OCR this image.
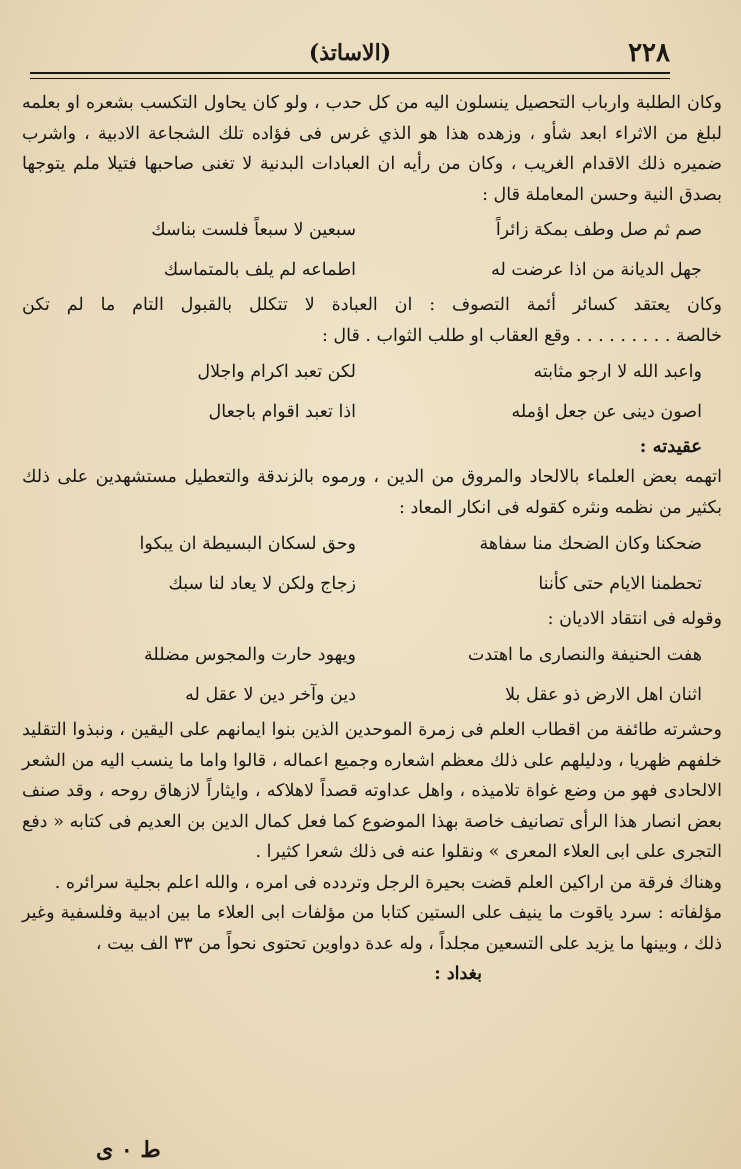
٢٢٨
(الاساتذ)

وكان الطلبة وارباب التحصيل ينسلون اليه من كل حدب ، ولو كان يحاول التكسب بشعره او بعلمه لبلغ من الاثراء ابعد شأو ، وزهده هذا هو الذي غرس فى فؤاده تلك الشجاعة الادبية ، واشرب ضميره ذلك الاقدام الغريب ، وكان من رأيه ان العبادات البدنية لا تغنى صاحبها فتيلا ملم يتوجها بصدق النية وحسن المعاملة قال :

صم ثم صل وطف بمكة زائراً
سبعين لا سبعاً فلست بناسك
جهل الديانة من اذا عرضت له
اطماعه لم يلف بالمتماسك

وكان يعتقد كسائر أئمة التصوف : ان العبادة لا تتكلل بالقبول التام ما لم تكن

خالصة . . . . . . . . . وقع العقاب او طلب الثواب . قال :

واعبد الله لا ارجو مثابته
لكن تعبد اكرام واجلال
اصون دينى عن جعل اؤمله
اذا تعبد اقوام باجعال
عقيدته :

اتهمه بعض العلماء بالالحاد والمروق من الدين ، ورموه بالزندقة والتعطيل مستشهدين على ذلك

بكثير من نظمه ونثره كقوله فى انكار المعاد :

ضحكنا وكان الضحك منا سفاهة
وحق لسكان البسيطة ان يبكوا
تحطمنا الايام حتى كأننا
زجاج ولكن لا يعاد لنا سبك

وقوله فى انتقاد الاديان :

هفت الحنيفة والنصارى ما اهتدت
ويهود حارت والمجوس مضللة
اثنان اهل الارض ذو عقل بلا
دين وآخر دين لا عقل له

وحشرته طائفة من اقطاب العلم فى زمرة الموحدين الذين بنوا ايمانهم على اليقين ، ونبذوا التقليد خلفهم ظهريا ، ودليلهم على ذلك معظم اشعاره وجميع اعماله ، قالوا واما ما ينسب اليه من الشعر الالحادى فهو من وضع غواة تلاميذه ، واهل عداوته قصداً لاهلاكه ، وايثاراً لازهاق روحه ، وقد صنف بعض انصار هذا الرأى تصانيف خاصة بهذا الموضوع كما فعل كمال الدين بن العديم فى كتابه « دفع التجرى على ابى العلاء المعرى » ونقلوا عنه فى ذلك شعرا كثيرا .

وهناك فرقة من اراكين العلم قضت بحيرة الرجل وتردده فى امره ، والله اعلم بجلية سرائره .

مؤلفاته : سرد ياقوت ما ينيف على الستين كتابا من مؤلفات ابى العلاء ما بين ادبية وفلسفية وغير ذلك ، وبينها ما يزيد على التسعين مجلداً ، وله عدة دواوين تحتوى نحواً من ٣٣ الف بيت ،

بغداد :

ط ٠ ى
